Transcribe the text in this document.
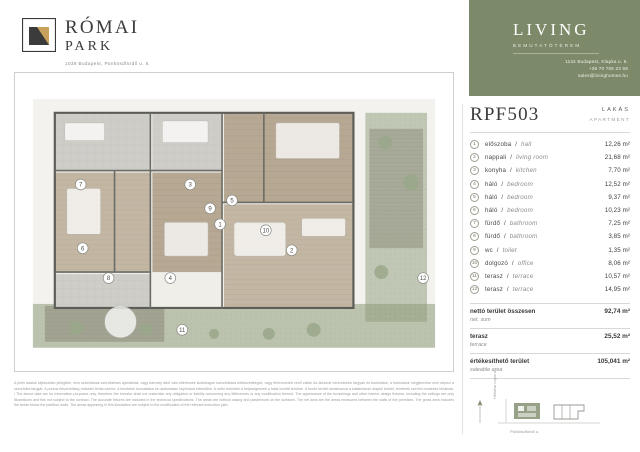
RÓMAI
PARK
1039 Budapest, Pünkösdfürdő u. 5.
LIVING
BEMUTATÓTEREM
1134 Budapest, Klapka u. 8.
+36 70 705 23 69
sales@livinghomes.hu
RPF503	LAKÁS
APARTMENT
1	előszoba  /  hall	12,26 m²
2	nappali  /  living room	21,68 m²
3	konyha  /  kitchen	7,70 m²
4	háló  /  bedroom	12,52 m²
5	háló  /  bedroom	9,37 m²
6	háló  /  bedroom	10,23 m²
7	fürdő  /  bathroom	7,25 m²
8	fürdő  /  bathroom	3,85 m²
9	wc  /  toilet	1,35 m²
10 dolgozó  /  office	8,06 m²
11	terasz  /  terrace	10,57 m²
12 terasz  /  terrace	14,95 m²
nettó terület összesen
net. sum
92,74 m²
terasz
terrace
25,52 m²
értékesíthető terület
saleable area
105,041 m²
Hélvész Lajos u.
Pünkösdfürdő u.
7	3
9
5
1
10
6
8	4
2
11
12
A jelen adatok tájékoztató jellegűek, nem számítanak szerződéses ajánlatnak, vagy bármely attól való eltérésnek kizárólagos szerződéses kötelezettségek, vagy félrevezetett vevő valós! Az ábrázolt berendezési tárgyak és burkolatok, a burkolatok megjelenése nem képezi a szerződés tárgyát. A pontos felszereltség műszaki leírás szerint. A kerületek tumutatása és uszkódatan folytonára értendőek. A nettó területek a helyiségeknek a falak közötti területe. A bruttó terület tartalmazza a kialakítandó alaptól terület, tereterek szerinti rendezés lehatnak. / The above data are for information purposes only, therefore the investor shall not undertake any obligation or liability concerning any differences or any modification thereof. The appearance of the furnishings and other interior design fixtures, including the ceilings are only illustrations and this not subject to the contract. The accurate fixtures are included in the technical specifications. The areas are without casing and plasterwork on the surfaces. The net area are the areas measured between the walls of the premises. The gross area includes the areas below the partition walls. The areas appearing in this illustration are subject to the modification of the relevant execution plan.
